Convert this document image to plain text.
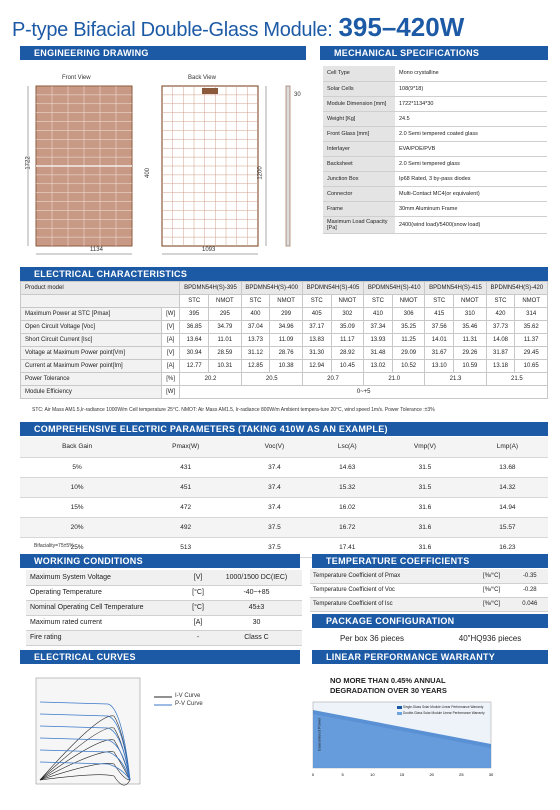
P-type Bifacial Double-Glass Module: 395–420W
ENGINEERING DRAWING	MECHANICAL SPECIFICATIONS
Front View	Back View
1722
1134	1093
30
400	1200
Cell Type	Mono crystalline
Solar Cells	108(9*18)
Module Dimension [mm]	1722*1134*30
Weight [Kg]	24.5
Front Glass [mm]	2.0 Semi tempered coated glass
Interlayer	EVA/POE/PVB
Backsheet	2.0 Semi tempered glass
Junction Box	Ip68 Rated, 3 by-pass diodes
Connector	Multi-Contact MC4(or equivalent)
Frame	30mm Aluminum Frame
Maximum Load Capacity [Pa]	2400(wind load)/5400(snow load)
ELECTRICAL CHARACTERISTICS
Product model		BPDMN54H(S)-395		BPDMN54H(S)-400		BPDMN54H(S)-405		BPDMN54H(S)-410		BPDMN54H(S)-415		BPDMN54H(S)-420	
		STC	NMOT	STC	NMOT	STC	NMOT	STC	NMOT	STC	NMOT	STC	NMOT
Maximum Power at STC [Pmax]	[W]	395	295	400	299	405	302	410	306	415	310	420	314
Open Circuit Voltage [Voc]	[V]	36.85	34.79	37.04	34.96	37.17	35.09	37.34	35.25	37.56	35.46	37.73	35.62
Short Circuit Current [Isc]	[A]	13.64	11.01	13.73	11.09	13.83	11.17	13.93	11.25	14.01	11.31	14.08	11.37
Voltage at Maximum Power point[Vm]	[V]	30.94	28.59	31.12	28.76	31.30	28.92	31.48	29.09	31.67	29.26	31.87	29.45
Current at Maximum Power point[Im]	[A]	12.77	10.31	12.85	10.38	12.94	10.45	13.02	10.52	13.10	10.59	13.18	10.65
Power Tolerance	[%]	20.2		20.5		20.7		21.0		21.3		21.5	
Module Efficiency	[W]	0~+5											
STC: Air Mass AM1.5,Ir-radiance 1000W/m Cell temperature 25°C. NMOT: Air Mass AM1.5, Ir-radiance 800W/m Ambient tempera-ture 20°C, wind speed 1m/s. Power Tolerance :±3%
COMPREHENSIVE ELECTRIC PARAMETERS (TAKING 410W AS AN EXAMPLE)
Back Gain	Pmax(W)	Voc(V)	Lsc(A)	Vmp(V)	Lmp(A)
5%	431	37.4	14.63	31.5	13.68
10%	451	37.4	15.32	31.5	14.32
15%	472	37.4	16.02	31.6	14.94
20%	492	37.5	16.72	31.6	15.57
25%	513	37.5	17.41	31.6	16.23
Bifaciality=75±5%
WORKING CONDITIONS
Maximum System Voltage	[V]	1000/1500 DC(IEC)
Operating Temperature	[°C]	-40~+85
Nominal Operating Cell Temperature	[°C]	45±3
Maximum rated current	[A]	30
Fire rating	-	Class C
TEMPERATURE COEFFICIENTS
Temperature Coefficient of Pmax	[%/°C]	-0.35
Temperature Coefficient of Voc	[%/°C]	-0.28
Temperature Coefficient of Isc	[%/°C]	0.046
PACKAGE CONFIGURATION
Per box 36 pieces	40"HQ936 pieces
ELECTRICAL CURVES
I-V Curve
P-V Curve
LINEAR PERFORMANCE WARRANTY
NO MORE THAN 0.45% ANNUAL
DEGRADATION OVER 30 YEARS
0	5	10	15	20	25	30
Single-Glass Solar Module Linear Performance Warranty
Double-Glass Solar Module Linear Performance Warranty
Guaranteed Power
